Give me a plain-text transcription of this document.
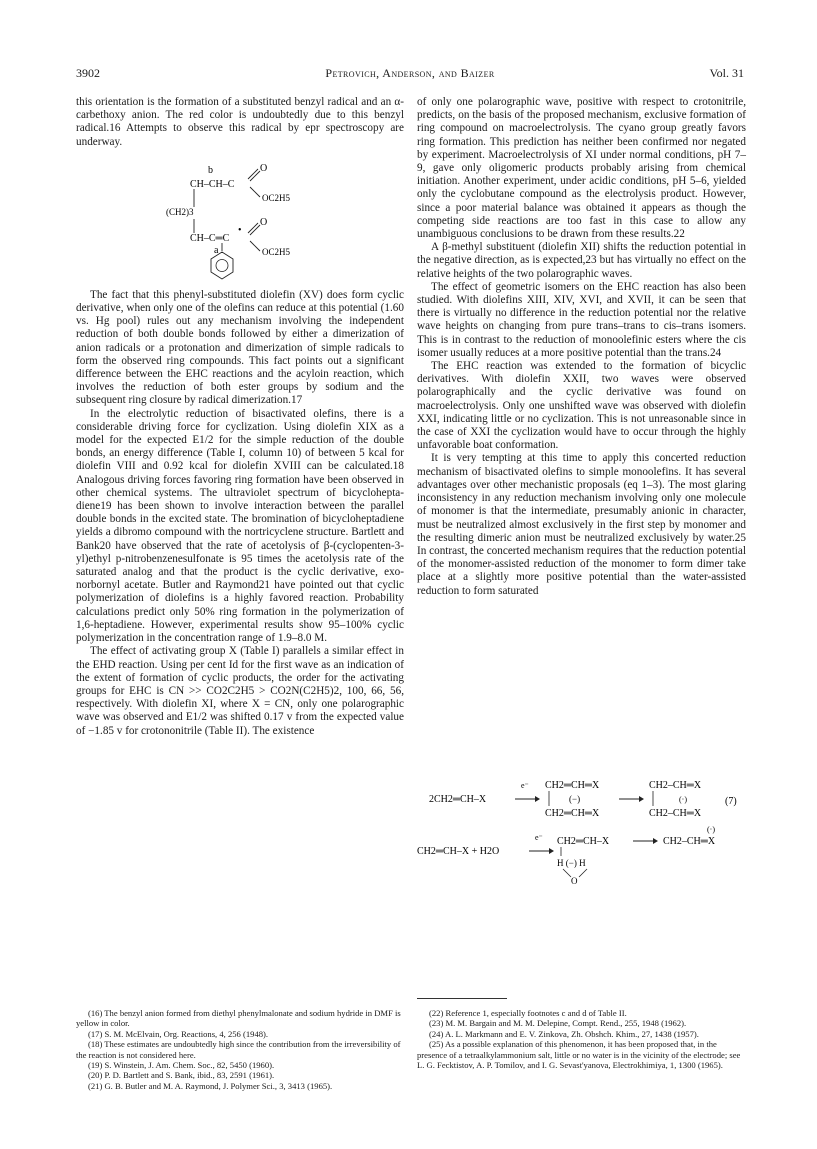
3902	Petrovich, Anderson, and Baizer	Vol. 31

this orientation is the formation of a substituted benzyl radical and an α-carbethoxy anion. The red color is undoubtedly due to this benzyl radical.16 Attempts to observe this radical by epr spectroscopy are underway.

b
CH–CH–C
O
OC2H5
(CH2)3
•
CH–C═C
O
OC2H5
a

The fact that this phenyl-substituted diolefin (XV) does form cyclic derivative, when only one of the olefins can reduce at this potential (1.60 vs. Hg pool) rules out any mechanism involving the independent reduction of both double bonds followed by either a dimerization of anion radicals or a protonation and dimerization of simple radicals to form the observed ring compounds. This fact points out a significant difference between the EHC reactions and the acyloin reaction, which involves the reduction of both ester groups by sodium and the subsequent ring closure by radical dimerization.17

In the electrolytic reduction of bisactivated olefins, there is a considerable driving force for cyclization. Using diolefin XIX as a model for the expected E1/2 for the simple reduction of the double bonds, an energy difference (Table I, column 10) of between 5 kcal for diolefin VIII and 0.92 kcal for diolefin XVIII can be calculated.18 Analogous driving forces favoring ring formation have been observed in other chemical systems. The ultraviolet spectrum of bicyclohepta-diene19 has been shown to involve interaction between the parallel double bonds in the excited state. The bromination of bicycloheptadiene yields a dibromo compound with the nortricyclene structure. Bartlett and Bank20 have observed that the rate of acetolysis of β-(cyclopenten-3-yl)ethyl p-nitrobenzenesulfonate is 95 times the acetolysis rate of the saturated analog and that the product is the cyclic derivative, exo-norbornyl acetate. Butler and Raymond21 have pointed out that cyclic polymerization of diolefins is a highly favored reaction. Probability calculations predict only 50% ring formation in the polymerization of 1,6-heptadiene. However, experimental results show 95–100% cyclic polymerization in the concentration range of 1.9–8.0 M.

The effect of activating group X (Table I) parallels a similar effect in the EHD reaction. Using per cent Id for the first wave as an indication of the extent of formation of cyclic products, the order for the activating groups for EHC is CN >> CO2C2H5 > CO2N(C2H5)2, 100, 66, 56, respectively. With diolefin XI, where X = CN, only one polarographic wave was observed and E1/2 was shifted 0.17 v from the expected value of −1.85 v for crotononitrile (Table II). The existence

of only one polarographic wave, positive with respect to crotonitrile, predicts, on the basis of the proposed mechanism, exclusive formation of ring compound on macroelectrolysis. The cyano group greatly favors ring formation. This prediction has neither been confirmed nor negated by experiment. Macroelectrolysis of XI under normal conditions, pH 7–9, gave only oligomeric products probably arising from chemical initiation. Another experiment, under acidic conditions, pH 5–6, yielded only the cyclobutane compound as the electrolysis product. However, since a poor material balance was obtained it appears as though the competing side reactions are too fast in this case to allow any unambiguous conclusions to be drawn from these results.22

A β-methyl substituent (diolefin XII) shifts the reduction potential in the negative direction, as is expected,23 but has virtually no effect on the relative heights of the two polarographic waves.

The effect of geometric isomers on the EHC reaction has also been studied. With diolefins XIII, XIV, XVI, and XVII, it can be seen that there is virtually no difference in the reduction potential nor the relative wave heights on changing from pure trans–trans to cis–trans isomers. This is in contrast to the reduction of monoolefinic esters where the cis isomer usually reduces at a more positive potential than the trans.24

The EHC reaction was extended to the formation of bicyclic derivatives. With diolefin XXII, two waves were observed polarographically and the cyclic derivative was found on macroelectrolysis. Only one unshifted wave was observed with diolefin XXI, indicating little or no cyclization. This is not unreasonable since in the case of XXI the cyclization would have to occur through the highly unfavorable boat conformation.

It is very tempting at this time to apply this concerted reduction mechanism of bisactivated olefins to simple monoolefins. It has several advantages over other mechanistic proposals (eq 1–3). The most glaring inconsistency in any reduction mechanism involving only one molecule of monomer is that the intermediate, presumably anionic in character, must be neutralized almost exclusively in the first step by monomer and the resulting dimeric anion must be neutralized exclusively by water.25 In contrast, the concerted mechanism requires that the reduction potential of the monomer-assisted reduction of the monomer to form dimer take place at a slightly more positive potential than the water-assisted reduction to form saturated

2CH2═CH–X
e⁻ CH2═CH═X
(−)
CH2═CH═X
CH2–CH═X
(·)
CH2–CH═X
(7)
CH2═CH–X + H2O
e⁻ CH2═CH–X
H (−) H
O
CH2–CH═X
(·)
(16) The benzyl anion formed from diethyl phenylmalonate and sodium hydride in DMF is yellow in color.
(17) S. M. McElvain, Org. Reactions, 4, 256 (1948).
(18) These estimates are undoubtedly high since the contribution from the irreversibility of the reaction is not considered here.
(19) S. Winstein, J. Am. Chem. Soc., 82, 5450 (1960).
(20) P. D. Bartlett and S. Bank, ibid., 83, 2591 (1961).
(21) G. B. Butler and M. A. Raymond, J. Polymer Sci., 3, 3413 (1965).
(22) Reference 1, especially footnotes c and d of Table II.
(23) M. M. Bargain and M. M. Delepine, Compt. Rend., 255, 1948 (1962).
(24) A. L. Markmann and E. V. Zinkova, Zh. Obshch. Khim., 27, 1438 (1957).
(25) As a possible explanation of this phenomenon, it has been proposed that, in the presence of a tetraalkylammonium salt, little or no water is in the vicinity of the electrode; see L. G. Fecktistov, A. P. Tomilov, and I. G. Sevast'yanova, Electrokhimiya, 1, 1300 (1965).
